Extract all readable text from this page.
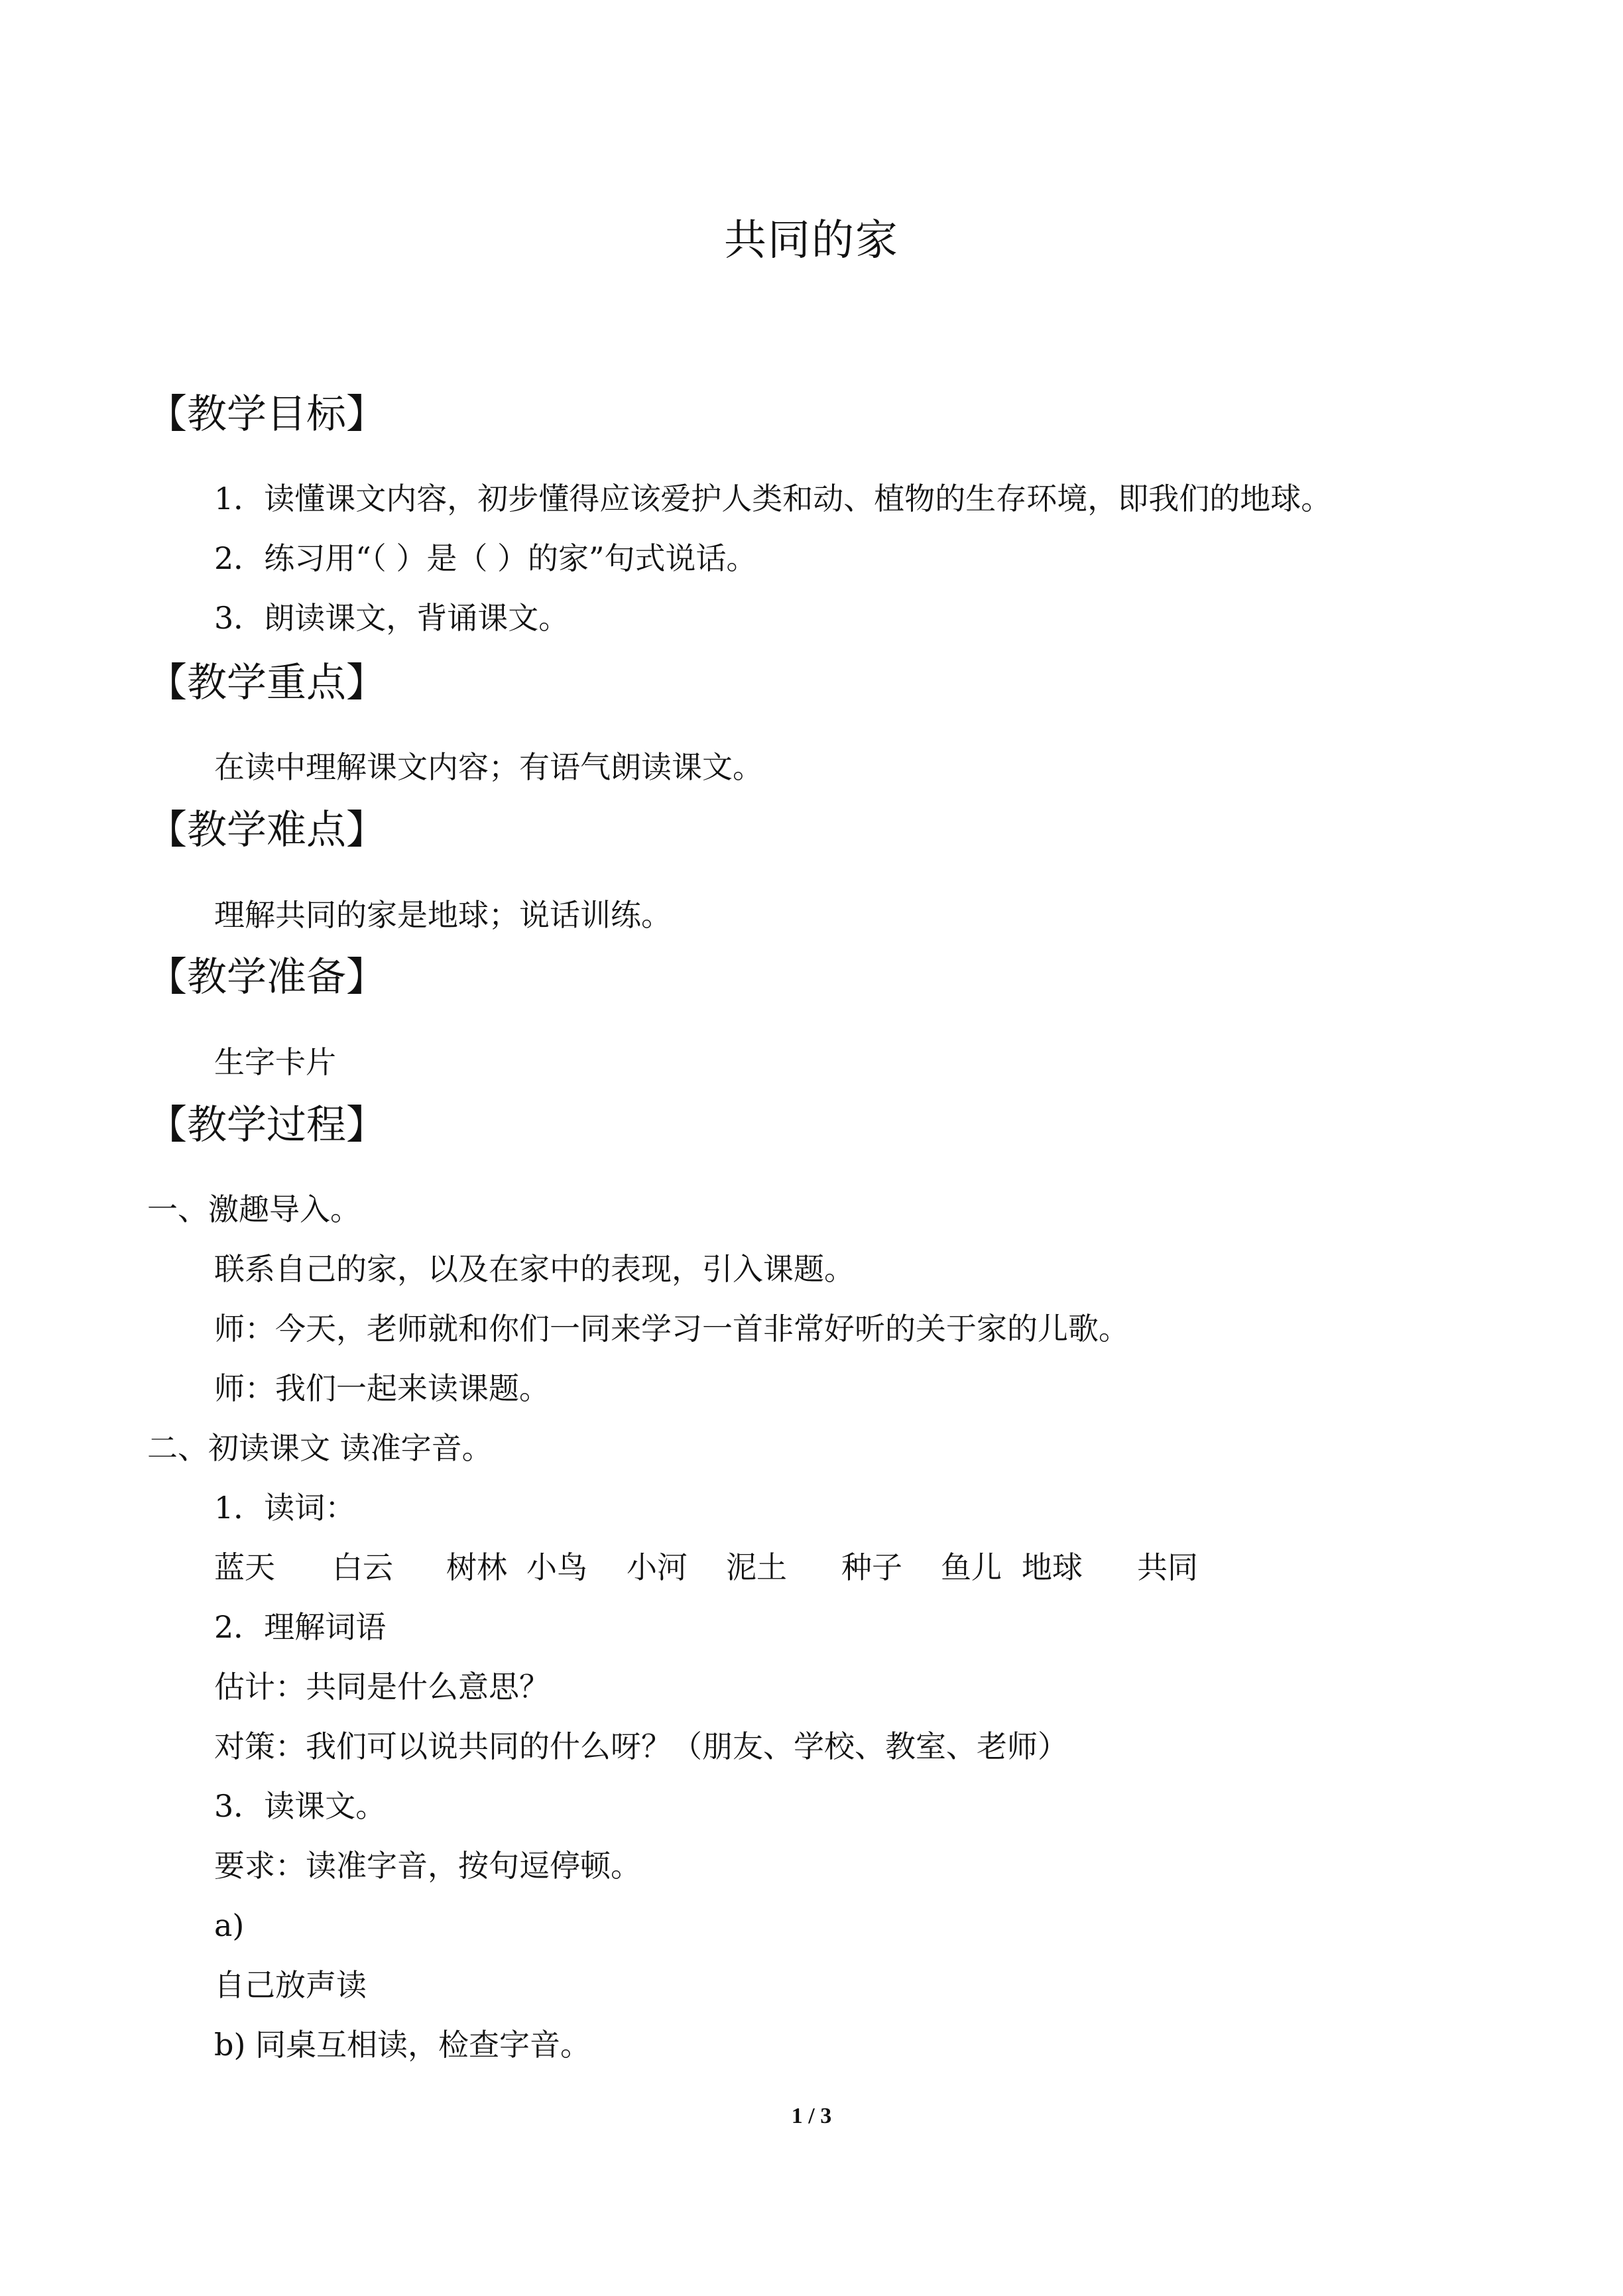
共同的家
【教学目标】
1．读懂课文内容，初步懂得应该爱护人类和动、植物的生存环境，即我们的地球。
2．练习用“（ ）是（ ）的家”句式说话。
3．朗读课文，背诵课文。
【教学重点】
在读中理解课文内容；有语气朗读课文。
【教学难点】
理解共同的家是地球；说话训练。
【教学准备】
生字卡片
【教学过程】
一、激趣导入。
联系自己的家，以及在家中的表现，引入课题。
师：今天，老师就和你们一同来学习一首非常好听的关于家的儿歌。
师：我们一起来读课题。
二、初读课文 读准字音。
1．读词：
蓝天 白云 树林 小鸟 小河 泥土 种子 鱼儿 地球 共同
2．理解词语
估计：共同是什么意思？
对策：我们可以说共同的什么呀？（朋友、学校、教室、老师）
3．读课文。
要求：读准字音，按句逗停顿。
a)
自己放声读
b) 同桌互相读，检查字音。
1 / 3
